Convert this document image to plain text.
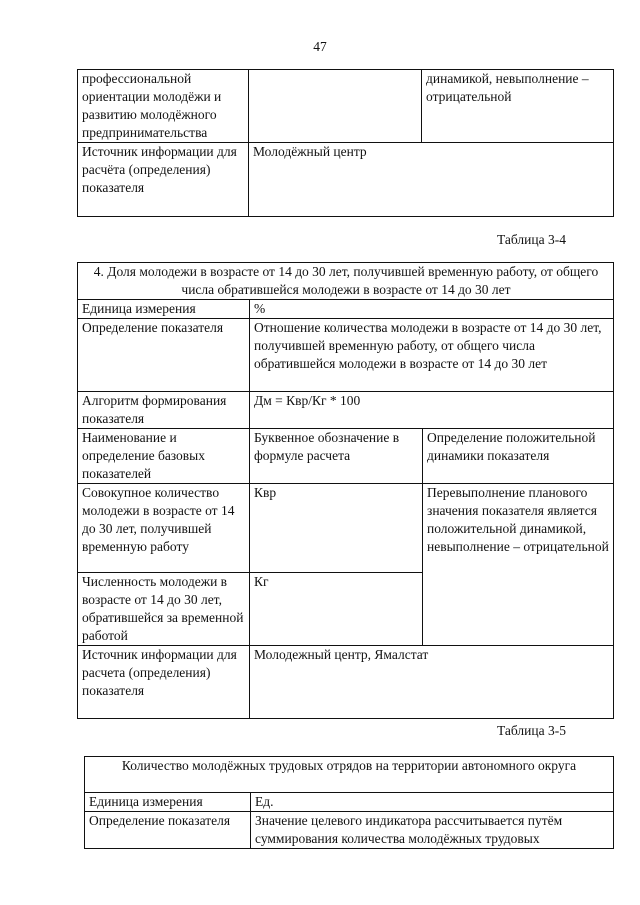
47
профессиональной ориентации молодёжи и развитию молодёжного предпринимательства		динамикой, невыполнение – отрицательной
Источник информации для расчёта (определения) показателя	Молодёжный центр	
Таблица 3-4
4. Доля молодежи в возрасте от 14 до 30 лет, получившей временную работу, от общего числа обратившейся молодежи в возрасте от 14 до 30 лет		
Единица измерения	%	
Определение показателя	Отношение количества молодежи в возрасте от 14 до 30 лет, получившей временную работу, от общего числа обратившейся молодежи в возрасте от 14 до 30 лет	
Алгоритм формирования показателя	Дм = Квр/Кг * 100	
Наименование и определение базовых показателей	Буквенное обозначение в формуле расчета	Определение положительной динамики показателя
Совокупное количество молодежи в возрасте от 14 до 30 лет, получившей временную работу	Квр	Перевыполнение планового значения показателя является положительной динамикой, невыполнение – отрицательной
Численность молодежи в возрасте от 14 до 30 лет, обратившейся за временной работой	Кг	
Источник информации для расчета (определения) показателя	Молодежный центр, Ямалстат	
Таблица 3-5
Количество молодёжных трудовых отрядов на территории автономного округа	
Единица измерения	Ед.
Определение показателя	Значение целевого индикатора рассчитывается путём суммирования количества молодёжных трудовых
